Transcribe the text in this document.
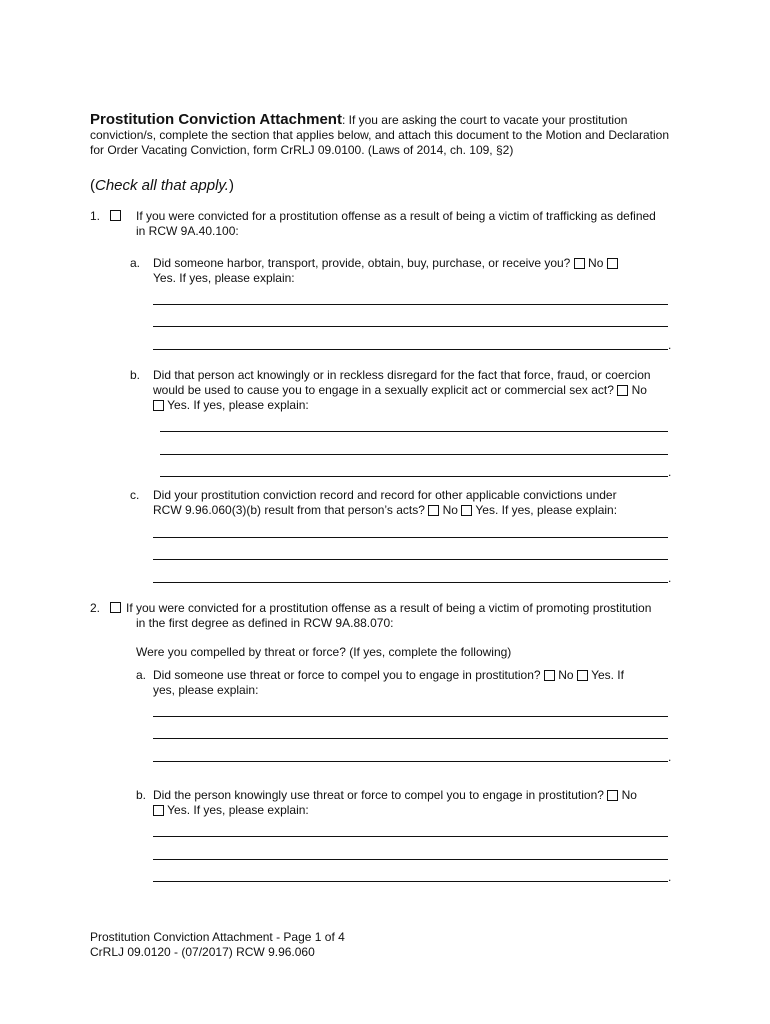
Prostitution Conviction Attachment: If you are asking the court to vacate your prostitution conviction/s, complete the section that applies below, and attach this document to the Motion and Declaration for Order Vacating Conviction, form CrRLJ 09.0100. (Laws of 2014, ch. 109, §2)
(Check all that apply.)
1.	If you were convicted for a prostitution offense as a result of being a victim of trafficking as defined in RCW 9A.40.100:
a. Did someone harbor, transport, provide, obtain, buy, purchase, or receive you? No
Yes. If yes, please explain:
.
b. Did that person act knowingly or in reckless disregard for the fact that force, fraud, or coercion
would be used to cause you to engage in a sexually explicit act or commercial sex act? No
Yes. If yes, please explain:
.
c. Did your prostitution conviction record and record for other applicable convictions under
RCW 9.96.060(3)(b) result from that person’s acts? No Yes. If yes, please explain:
.
2. If you were convicted for a prostitution offense as a result of being a victim of promoting prostitution
in the first degree as defined in RCW 9A.88.070:
Were you compelled by threat or force? (If yes, complete the following)
a. Did someone use threat or force to compel you to engage in prostitution? No Yes. If
yes, please explain:
.
b. Did the person knowingly use threat or force to compel you to engage in prostitution? No
Yes. If yes, please explain:
.
Prostitution Conviction Attachment - Page 1 of 4
CrRLJ 09.0120 - (07/2017) RCW 9.96.060
